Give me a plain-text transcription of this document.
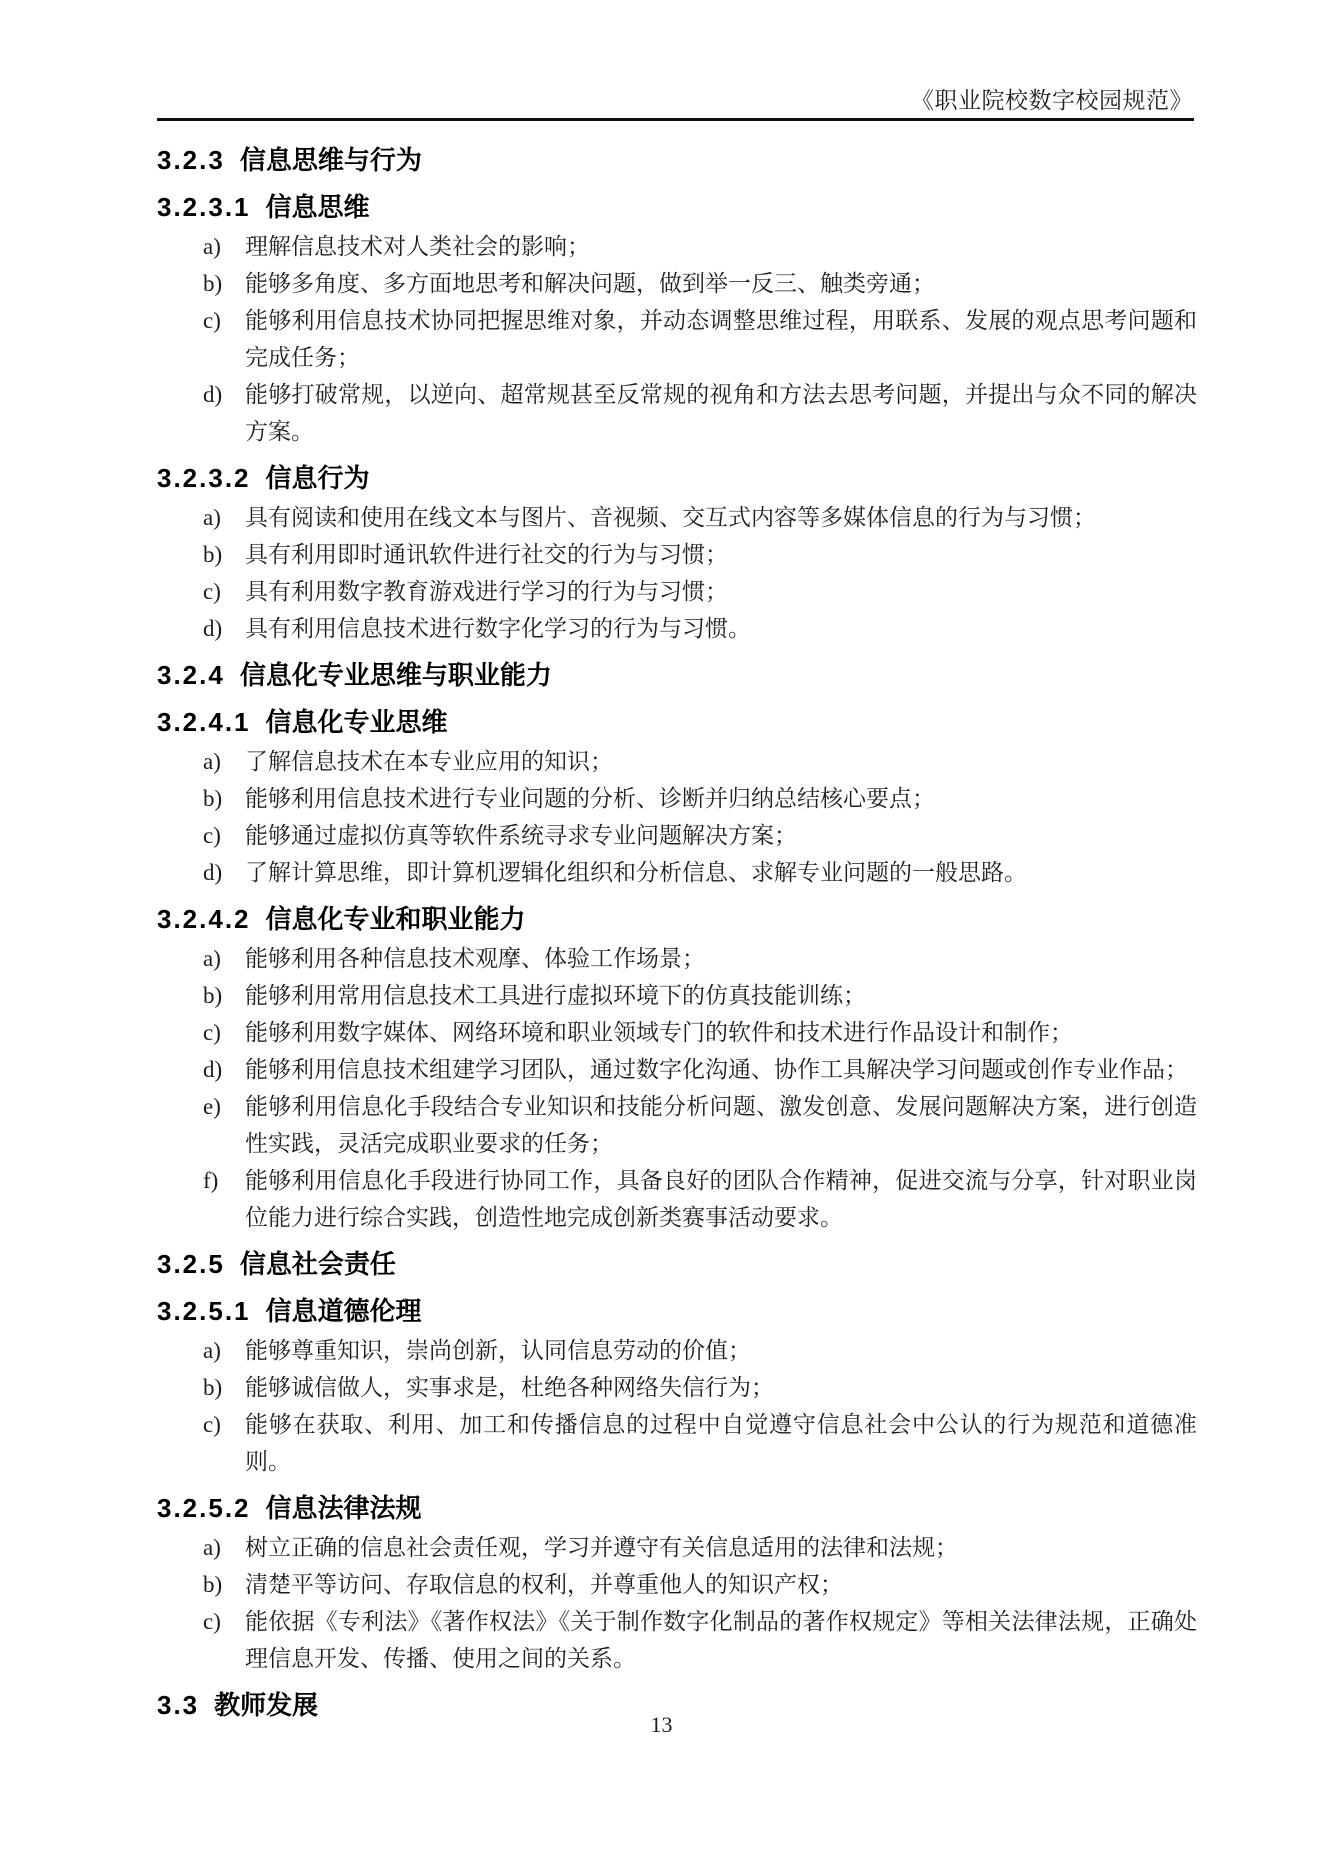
《职业院校数字校园规范》
3.2.3 信息思维与行为
3.2.3.1 信息思维
a) 理解信息技术对人类社会的影响；
b) 能够多角度、多方面地思考和解决问题，做到举一反三、触类旁通；
c) 能够利用信息技术协同把握思维对象，并动态调整思维过程，用联系、发展的观点思考问题和完成任务；
d) 能够打破常规，以逆向、超常规甚至反常规的视角和方法去思考问题，并提出与众不同的解决方案。
3.2.3.2 信息行为
a) 具有阅读和使用在线文本与图片、音视频、交互式内容等多媒体信息的行为与习惯；
b) 具有利用即时通讯软件进行社交的行为与习惯；
c) 具有利用数字教育游戏进行学习的行为与习惯；
d) 具有利用信息技术进行数字化学习的行为与习惯。
3.2.4 信息化专业思维与职业能力
3.2.4.1 信息化专业思维
a) 了解信息技术在本专业应用的知识；
b) 能够利用信息技术进行专业问题的分析、诊断并归纳总结核心要点；
c) 能够通过虚拟仿真等软件系统寻求专业问题解决方案；
d) 了解计算思维，即计算机逻辑化组织和分析信息、求解专业问题的一般思路。
3.2.4.2 信息化专业和职业能力
a) 能够利用各种信息技术观摩、体验工作场景；
b) 能够利用常用信息技术工具进行虚拟环境下的仿真技能训练；
c) 能够利用数字媒体、网络环境和职业领域专门的软件和技术进行作品设计和制作；
d) 能够利用信息技术组建学习团队，通过数字化沟通、协作工具解决学习问题或创作专业作品；
e) 能够利用信息化手段结合专业知识和技能分析问题、激发创意、发展问题解决方案，进行创造性实践，灵活完成职业要求的任务；
f) 能够利用信息化手段进行协同工作，具备良好的团队合作精神，促进交流与分享，针对职业岗位能力进行综合实践，创造性地完成创新类赛事活动要求。
3.2.5 信息社会责任
3.2.5.1 信息道德伦理
a) 能够尊重知识，崇尚创新，认同信息劳动的价值；
b) 能够诚信做人，实事求是，杜绝各种网络失信行为；
c) 能够在获取、利用、加工和传播信息的过程中自觉遵守信息社会中公认的行为规范和道德准则。
3.2.5.2 信息法律法规
a) 树立正确的信息社会责任观，学习并遵守有关信息适用的法律和法规；
b) 清楚平等访问、存取信息的权利，并尊重他人的知识产权；
c) 能依据《专利法》《著作权法》《关于制作数字化制品的著作权规定》等相关法律法规，正确处理信息开发、传播、使用之间的关系。
3.3 教师发展
13
